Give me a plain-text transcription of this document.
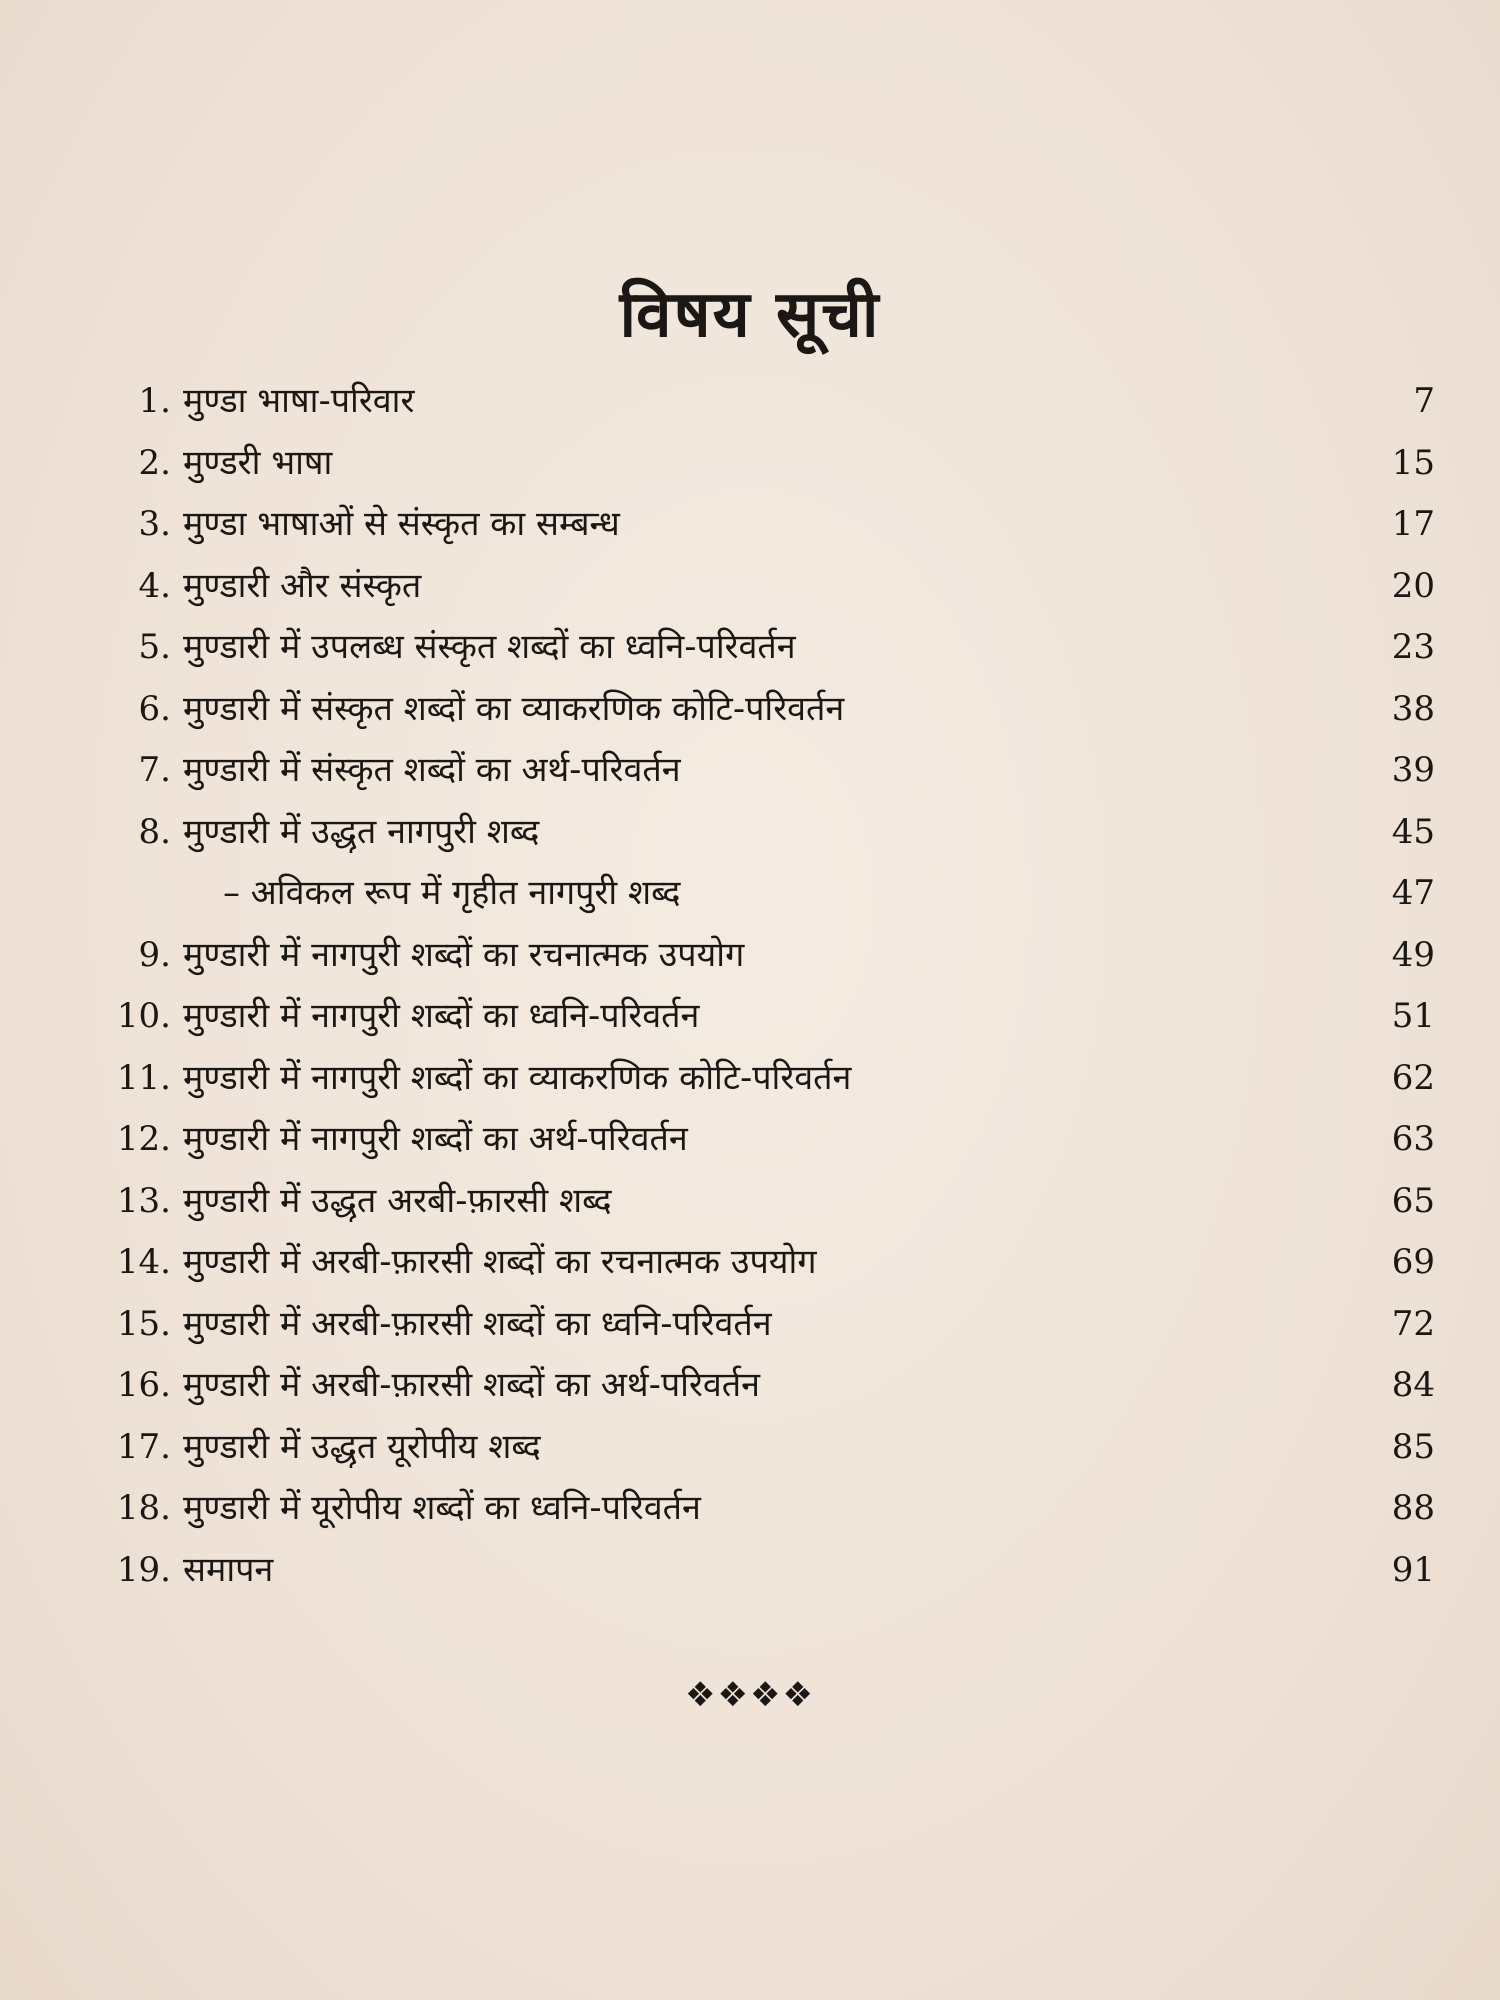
विषय सूची
1. मुण्डा भाषा-परिवार	7
2. मुण्डरी भाषा	15
3. मुण्डा भाषाओं से संस्कृत का सम्बन्ध	17
4. मुण्डारी और संस्कृत	20
5. मुण्डारी में उपलब्ध संस्कृत शब्दों का ध्वनि-परिवर्तन	23
6. मुण्डारी में संस्कृत शब्दों का व्याकरणिक कोटि-परिवर्तन	38
7. मुण्डारी में संस्कृत शब्दों का अर्थ-परिवर्तन	39
8. मुण्डारी में उद्धृत नागपुरी शब्द	45
– अविकल रूप में गृहीत नागपुरी शब्द	47
9. मुण्डारी में नागपुरी शब्दों का रचनात्मक उपयोग	49
10. मुण्डारी में नागपुरी शब्दों का ध्वनि-परिवर्तन	51
11. मुण्डारी में नागपुरी शब्दों का व्याकरणिक कोटि-परिवर्तन	62
12. मुण्डारी में नागपुरी शब्दों का अर्थ-परिवर्तन	63
13. मुण्डारी में उद्धृत अरबी-फ़ारसी शब्द	65
14. मुण्डारी में अरबी-फ़ारसी शब्दों का रचनात्मक उपयोग	69
15. मुण्डारी में अरबी-फ़ारसी शब्दों का ध्वनि-परिवर्तन	72
16. मुण्डारी में अरबी-फ़ारसी शब्दों का अर्थ-परिवर्तन	84
17. मुण्डारी में उद्धृत यूरोपीय शब्द	85
18. मुण्डारी में यूरोपीय शब्दों का ध्वनि-परिवर्तन	88
19. समापन	91
❖❖❖❖
